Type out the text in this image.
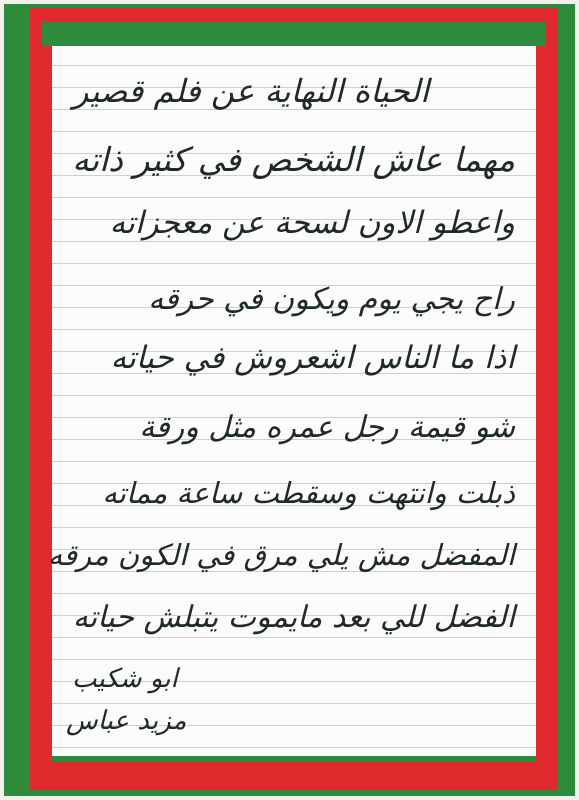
الحياة النهاية عن فلم قصير
مهما عاش الشخص في كثير ذاته
واعطو الاون لسحة عن معجزاته
راح يجي يوم ويكون في حرقه
اذا ما الناس اشعروش في حياته
شو قيمة رجل عمره مثل ورقة
ذبلت وانتهت وسقطت ساعة مماته
المفضل مش يلي مرق في الكون مرقه
الفضل للي بعد مايموت يتبلش حياته
ابو شكيب
مزيد عباس
